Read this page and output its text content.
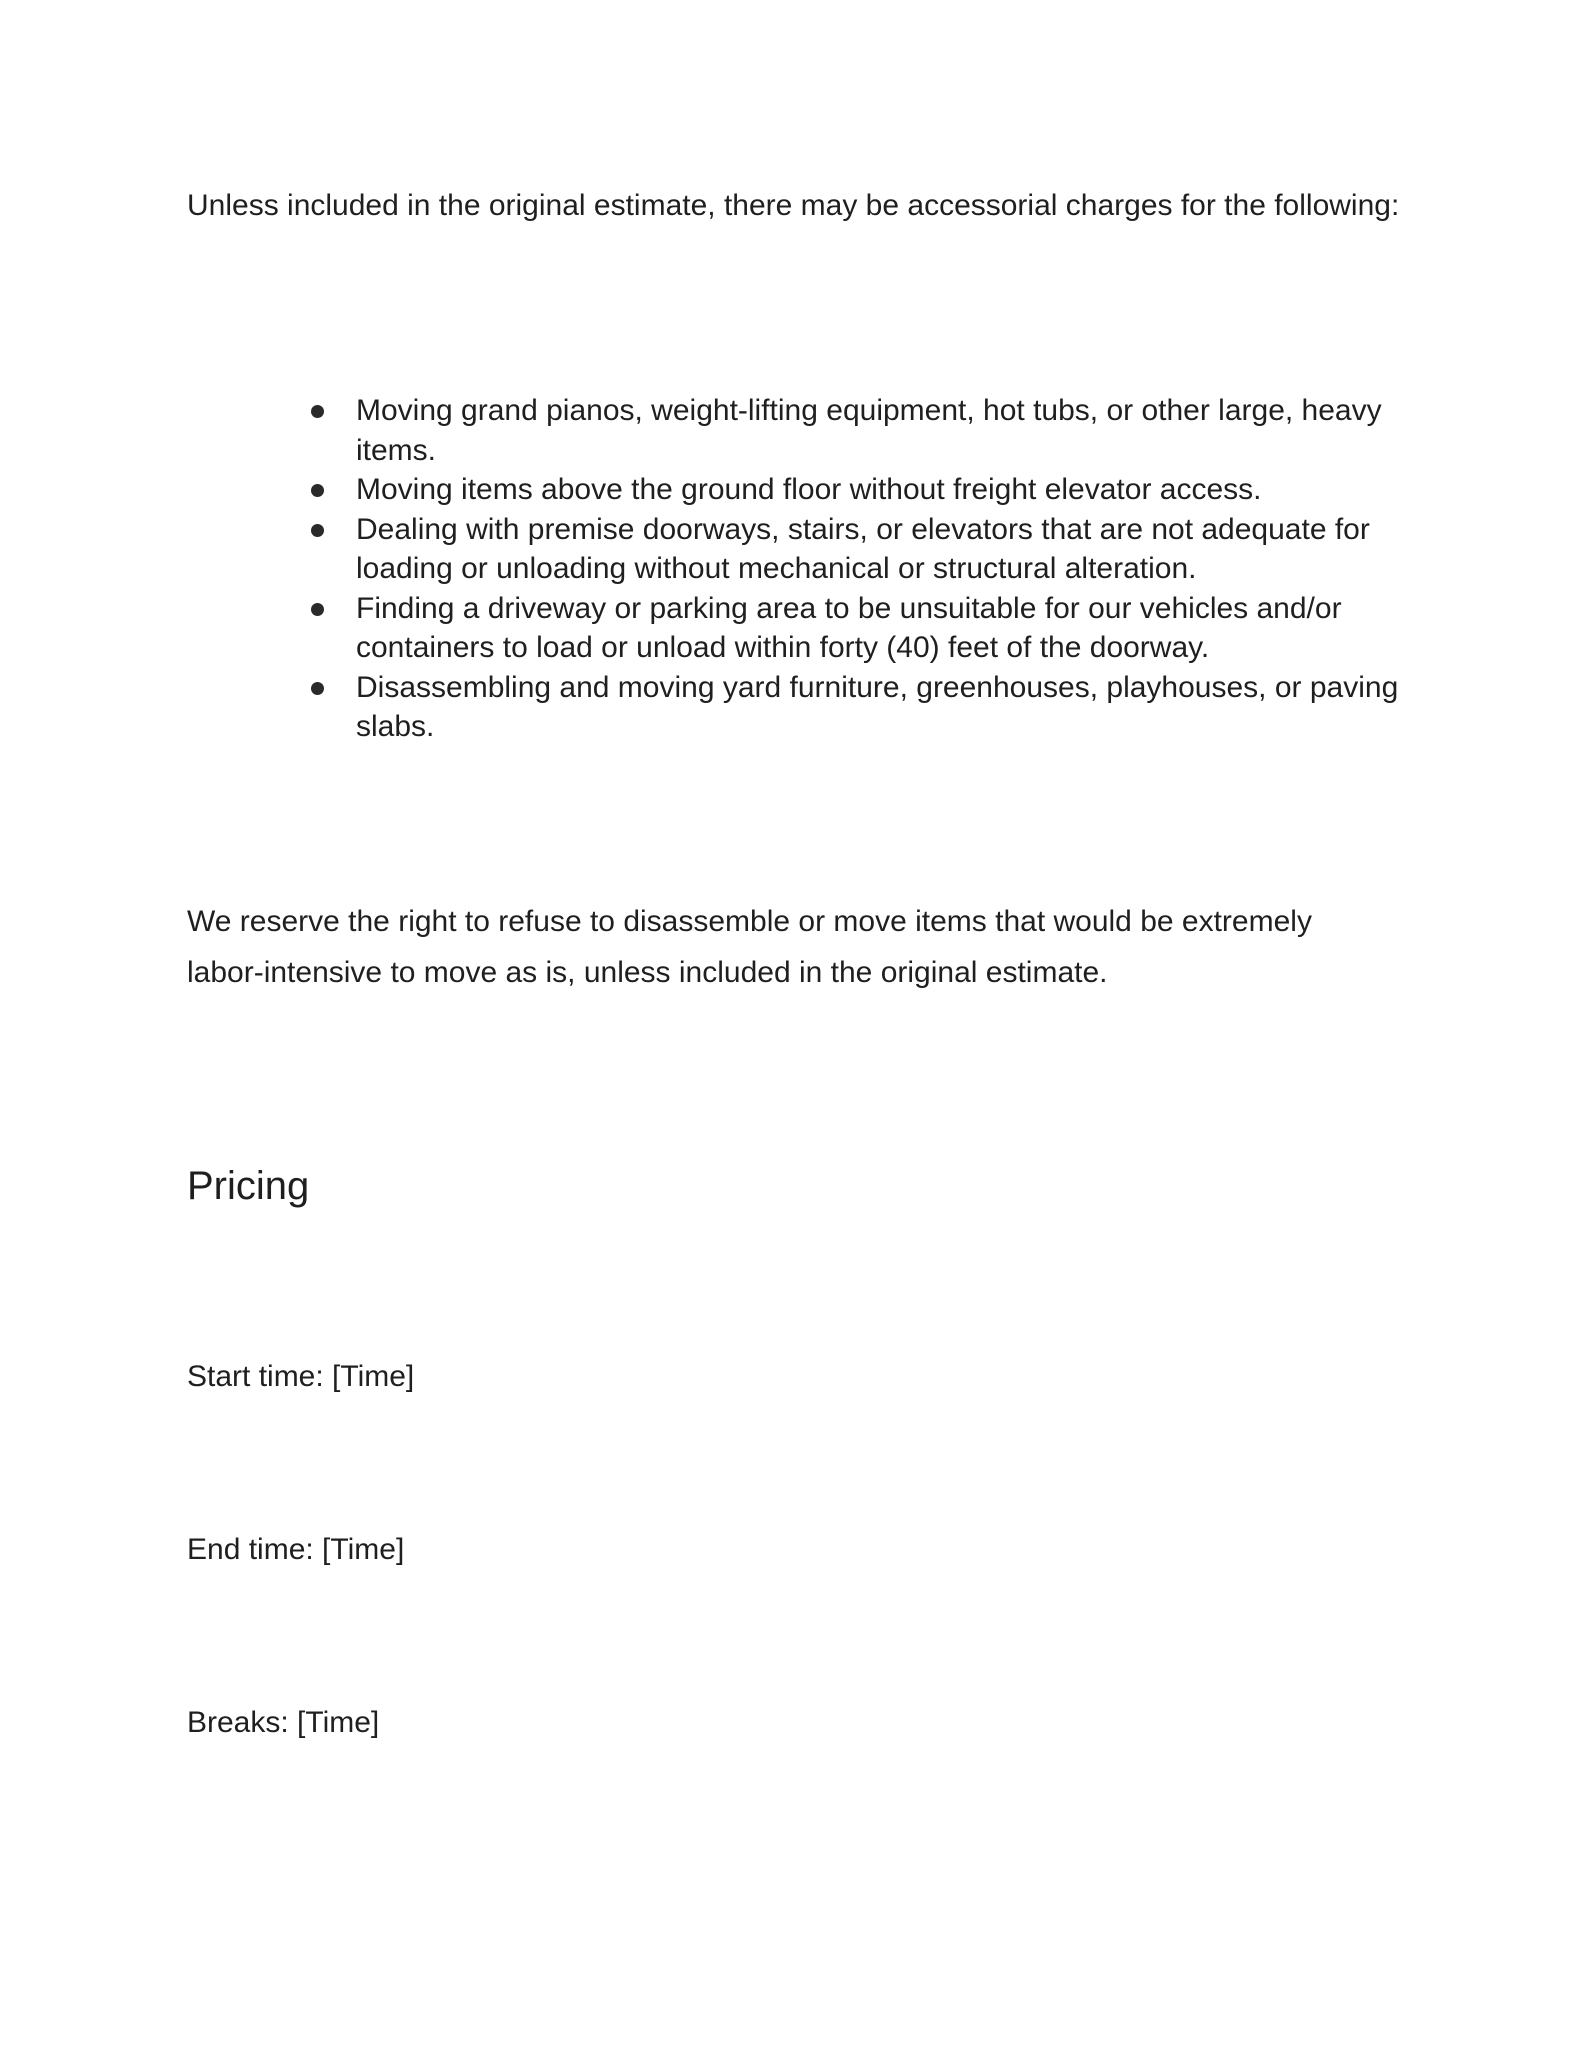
Unless included in the original estimate, there may be accessorial charges for the following:

Moving grand pianos, weight-lifting equipment, hot tubs, or other large, heavy
items.
Moving items above the ground floor without freight elevator access.
Dealing with premise doorways, stairs, or elevators that are not adequate for
loading or unloading without mechanical or structural alteration.
Finding a driveway or parking area to be unsuitable for our vehicles and/or
containers to load or unload within forty (40) feet of the doorway.
Disassembling and moving yard furniture, greenhouses, playhouses, or paving
slabs.

We reserve the right to refuse to disassemble or move items that would be extremely
labor-intensive to move as is, unless included in the original estimate.

Pricing

Start time: [Time]

End time: [Time]

Breaks: [Time]
